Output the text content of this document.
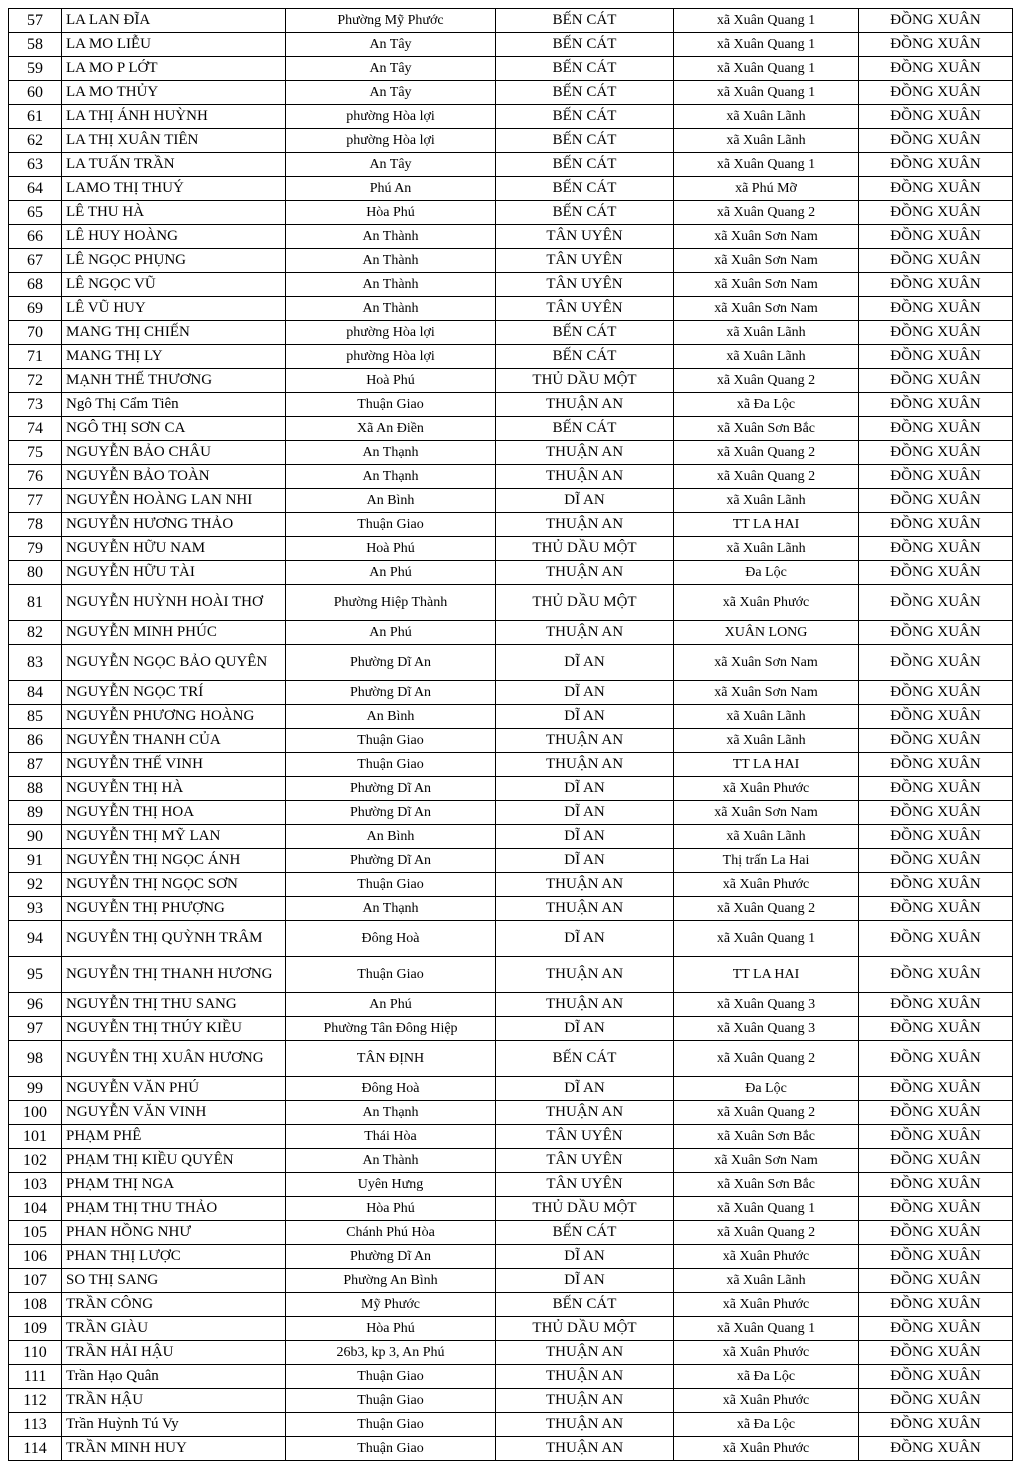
57	LA LAN ĐĨA	Phường Mỹ Phước	BẾN CÁT	xã Xuân Quang 1	ĐỒNG XUÂN
58	LA MO LIỄU	An Tây	BẾN CÁT	xã Xuân Quang 1	ĐỒNG XUÂN
59	LA MO P LỚT	An Tây	BẾN CÁT	xã Xuân Quang 1	ĐỒNG XUÂN
60	LA MO THỦY	An Tây	BẾN CÁT	xã Xuân Quang 1	ĐỒNG XUÂN
61	LA THỊ ÁNH HUỲNH	phường Hòa lợi	BẾN CÁT	xã Xuân Lãnh	ĐỒNG XUÂN
62	LA THỊ XUÂN TIÊN	phường Hòa lợi	BẾN CÁT	xã Xuân Lãnh	ĐỒNG XUÂN
63	LA TUẤN TRẦN	An Tây	BẾN CÁT	xã Xuân Quang 1	ĐỒNG XUÂN
64	LAMO THỊ THUÝ	Phú An	BẾN CÁT	xã Phú Mỡ	ĐỒNG XUÂN
65	LÊ THU HÀ	Hòa Phú	BẾN CÁT	xã Xuân Quang 2	ĐỒNG XUÂN
66	LÊ HUY HOÀNG	An Thành	TÂN UYÊN	xã Xuân Sơn Nam	ĐỒNG XUÂN
67	LÊ NGỌC PHỤNG	An Thành	TÂN UYÊN	xã Xuân Sơn Nam	ĐỒNG XUÂN
68	LÊ NGỌC VŨ	An Thành	TÂN UYÊN	xã Xuân Sơn Nam	ĐỒNG XUÂN
69	LÊ VŨ HUY	An Thành	TÂN UYÊN	xã Xuân Sơn Nam	ĐỒNG XUÂN
70	MANG THỊ CHIẾN	phường Hòa lợi	BẾN CÁT	xã Xuân Lãnh	ĐỒNG XUÂN
71	MANG THỊ LY	phường Hòa lợi	BẾN CÁT	xã Xuân Lãnh	ĐỒNG XUÂN
72	MẠNH THẾ THƯƠNG	Hoà Phú	THỦ DẦU MỘT	xã Xuân Quang 2	ĐỒNG XUÂN
73	Ngô Thị Cẩm Tiên	Thuận Giao	THUẬN AN	xã Đa Lộc	ĐỒNG XUÂN
74	NGÔ THỊ SƠN CA	Xã An Điền	BẾN CÁT	xã Xuân Sơn Bắc	ĐỒNG XUÂN
75	NGUYỄN BẢO CHÂU	An Thạnh	THUẬN AN	xã Xuân Quang 2	ĐỒNG XUÂN
76	NGUYỄN BẢO TOÀN	An Thạnh	THUẬN AN	xã Xuân Quang 2	ĐỒNG XUÂN
77	NGUYỄN HOÀNG LAN NHI	An Bình	DĨ AN	xã Xuân Lãnh	ĐỒNG XUÂN
78	NGUYỄN HƯƠNG THẢO	Thuận Giao	THUẬN AN	TT LA HAI	ĐỒNG XUÂN
79	NGUYỄN HỮU NAM	Hoà Phú	THỦ DẦU MỘT	xã Xuân Lãnh	ĐỒNG XUÂN
80	NGUYỄN HỮU TÀI	An Phú	THUẬN AN	Đa Lộc	ĐỒNG XUÂN
81	NGUYỄN HUỲNH HOÀI THƠ	Phường Hiệp Thành	THỦ DẦU MỘT	xã Xuân Phước	ĐỒNG XUÂN
82	NGUYỄN MINH PHÚC	An Phú	THUẬN AN	XUÂN LONG	ĐỒNG XUÂN
83	NGUYỄN NGỌC BẢO QUYÊN	Phường Dĩ An	DĨ AN	xã Xuân Sơn Nam	ĐỒNG XUÂN
84	NGUYỄN NGỌC TRÍ	Phường Dĩ An	DĨ AN	xã Xuân Sơn Nam	ĐỒNG XUÂN
85	NGUYỄN PHƯƠNG HOÀNG	An Bình	DĨ AN	xã Xuân Lãnh	ĐỒNG XUÂN
86	NGUYỄN THANH CỦA	Thuận Giao	THUẬN AN	xã Xuân Lãnh	ĐỒNG XUÂN
87	NGUYỄN THẾ VINH	Thuận Giao	THUẬN AN	TT LA HAI	ĐỒNG XUÂN
88	NGUYỄN THỊ HÀ	Phường Dĩ An	DĨ AN	xã Xuân Phước	ĐỒNG XUÂN
89	NGUYỄN THỊ HOA	Phường Dĩ An	DĨ AN	xã Xuân Sơn Nam	ĐỒNG XUÂN
90	NGUYỄN THỊ MỸ LAN	An Bình	DĨ AN	xã Xuân Lãnh	ĐỒNG XUÂN
91	NGUYỄN THỊ NGỌC ÁNH	Phường Dĩ An	DĨ AN	Thị trấn La Hai	ĐỒNG XUÂN
92	NGUYỄN THỊ NGỌC SƠN	Thuận Giao	THUẬN AN	xã Xuân Phước	ĐỒNG XUÂN
93	NGUYỄN THỊ PHƯỢNG	An Thạnh	THUẬN AN	xã Xuân Quang 2	ĐỒNG XUÂN
94	NGUYỄN THỊ QUỲNH TRÂM	Đông Hoà	DĨ AN	xã Xuân Quang 1	ĐỒNG XUÂN
95	NGUYỄN THỊ THANH HƯƠNG	Thuận Giao	THUẬN AN	TT LA HAI	ĐỒNG XUÂN
96	NGUYỄN THỊ THU SANG	An Phú	THUẬN AN	xã Xuân Quang 3	ĐỒNG XUÂN
97	NGUYỄN THỊ THÚY KIỀU	Phường Tân Đông Hiệp	DĨ AN	xã Xuân Quang 3	ĐỒNG XUÂN
98	NGUYỄN THỊ XUÂN HƯƠNG	TÂN ĐỊNH	BẾN CÁT	xã Xuân Quang 2	ĐỒNG XUÂN
99	NGUYỄN VĂN PHÚ	Đông Hoà	DĨ AN	Đa Lộc	ĐỒNG XUÂN
100	NGUYỄN VĂN VINH	An Thạnh	THUẬN AN	xã Xuân Quang 2	ĐỒNG XUÂN
101	PHẠM PHÊ	Thái Hòa	TÂN UYÊN	xã Xuân Sơn Bắc	ĐỒNG XUÂN
102	PHẠM THỊ KIỀU QUYÊN	An Thành	TÂN UYÊN	xã Xuân Sơn Nam	ĐỒNG XUÂN
103	PHẠM THỊ NGA	Uyên Hưng	TÂN UYÊN	xã Xuân Sơn Bắc	ĐỒNG XUÂN
104	PHẠM THỊ THU THẢO	Hòa Phú	THỦ DẦU MỘT	xã Xuân Quang 1	ĐỒNG XUÂN
105	PHAN HỒNG NHƯ	Chánh Phú Hòa	BẾN CÁT	xã Xuân Quang 2	ĐỒNG XUÂN
106	PHAN THỊ LƯỢC	Phường Dĩ An	DĨ AN	xã Xuân Phước	ĐỒNG XUÂN
107	SO THỊ SANG	Phường An Bình	DĨ AN	xã Xuân Lãnh	ĐỒNG XUÂN
108	TRẦN CÔNG	Mỹ Phước	BẾN CÁT	xã Xuân Phước	ĐỒNG XUÂN
109	TRẦN GIÀU	Hòa Phú	THỦ DẦU MỘT	xã Xuân Quang 1	ĐỒNG XUÂN
110	TRẦN HẢI HẬU	26b3, kp 3, An Phú	THUẬN AN	xã Xuân Phước	ĐỒNG XUÂN
111	Trần Hạo Quân	Thuận Giao	THUẬN AN	xã Đa Lộc	ĐỒNG XUÂN
112	TRẦN HẬU	Thuận Giao	THUẬN AN	xã Xuân Phước	ĐỒNG XUÂN
113	Trần Huỳnh Tú Vy	Thuận Giao	THUẬN AN	xã Đa Lộc	ĐỒNG XUÂN
114	TRẦN MINH HUY	Thuận Giao	THUẬN AN	xã Xuân Phước	ĐỒNG XUÂN
